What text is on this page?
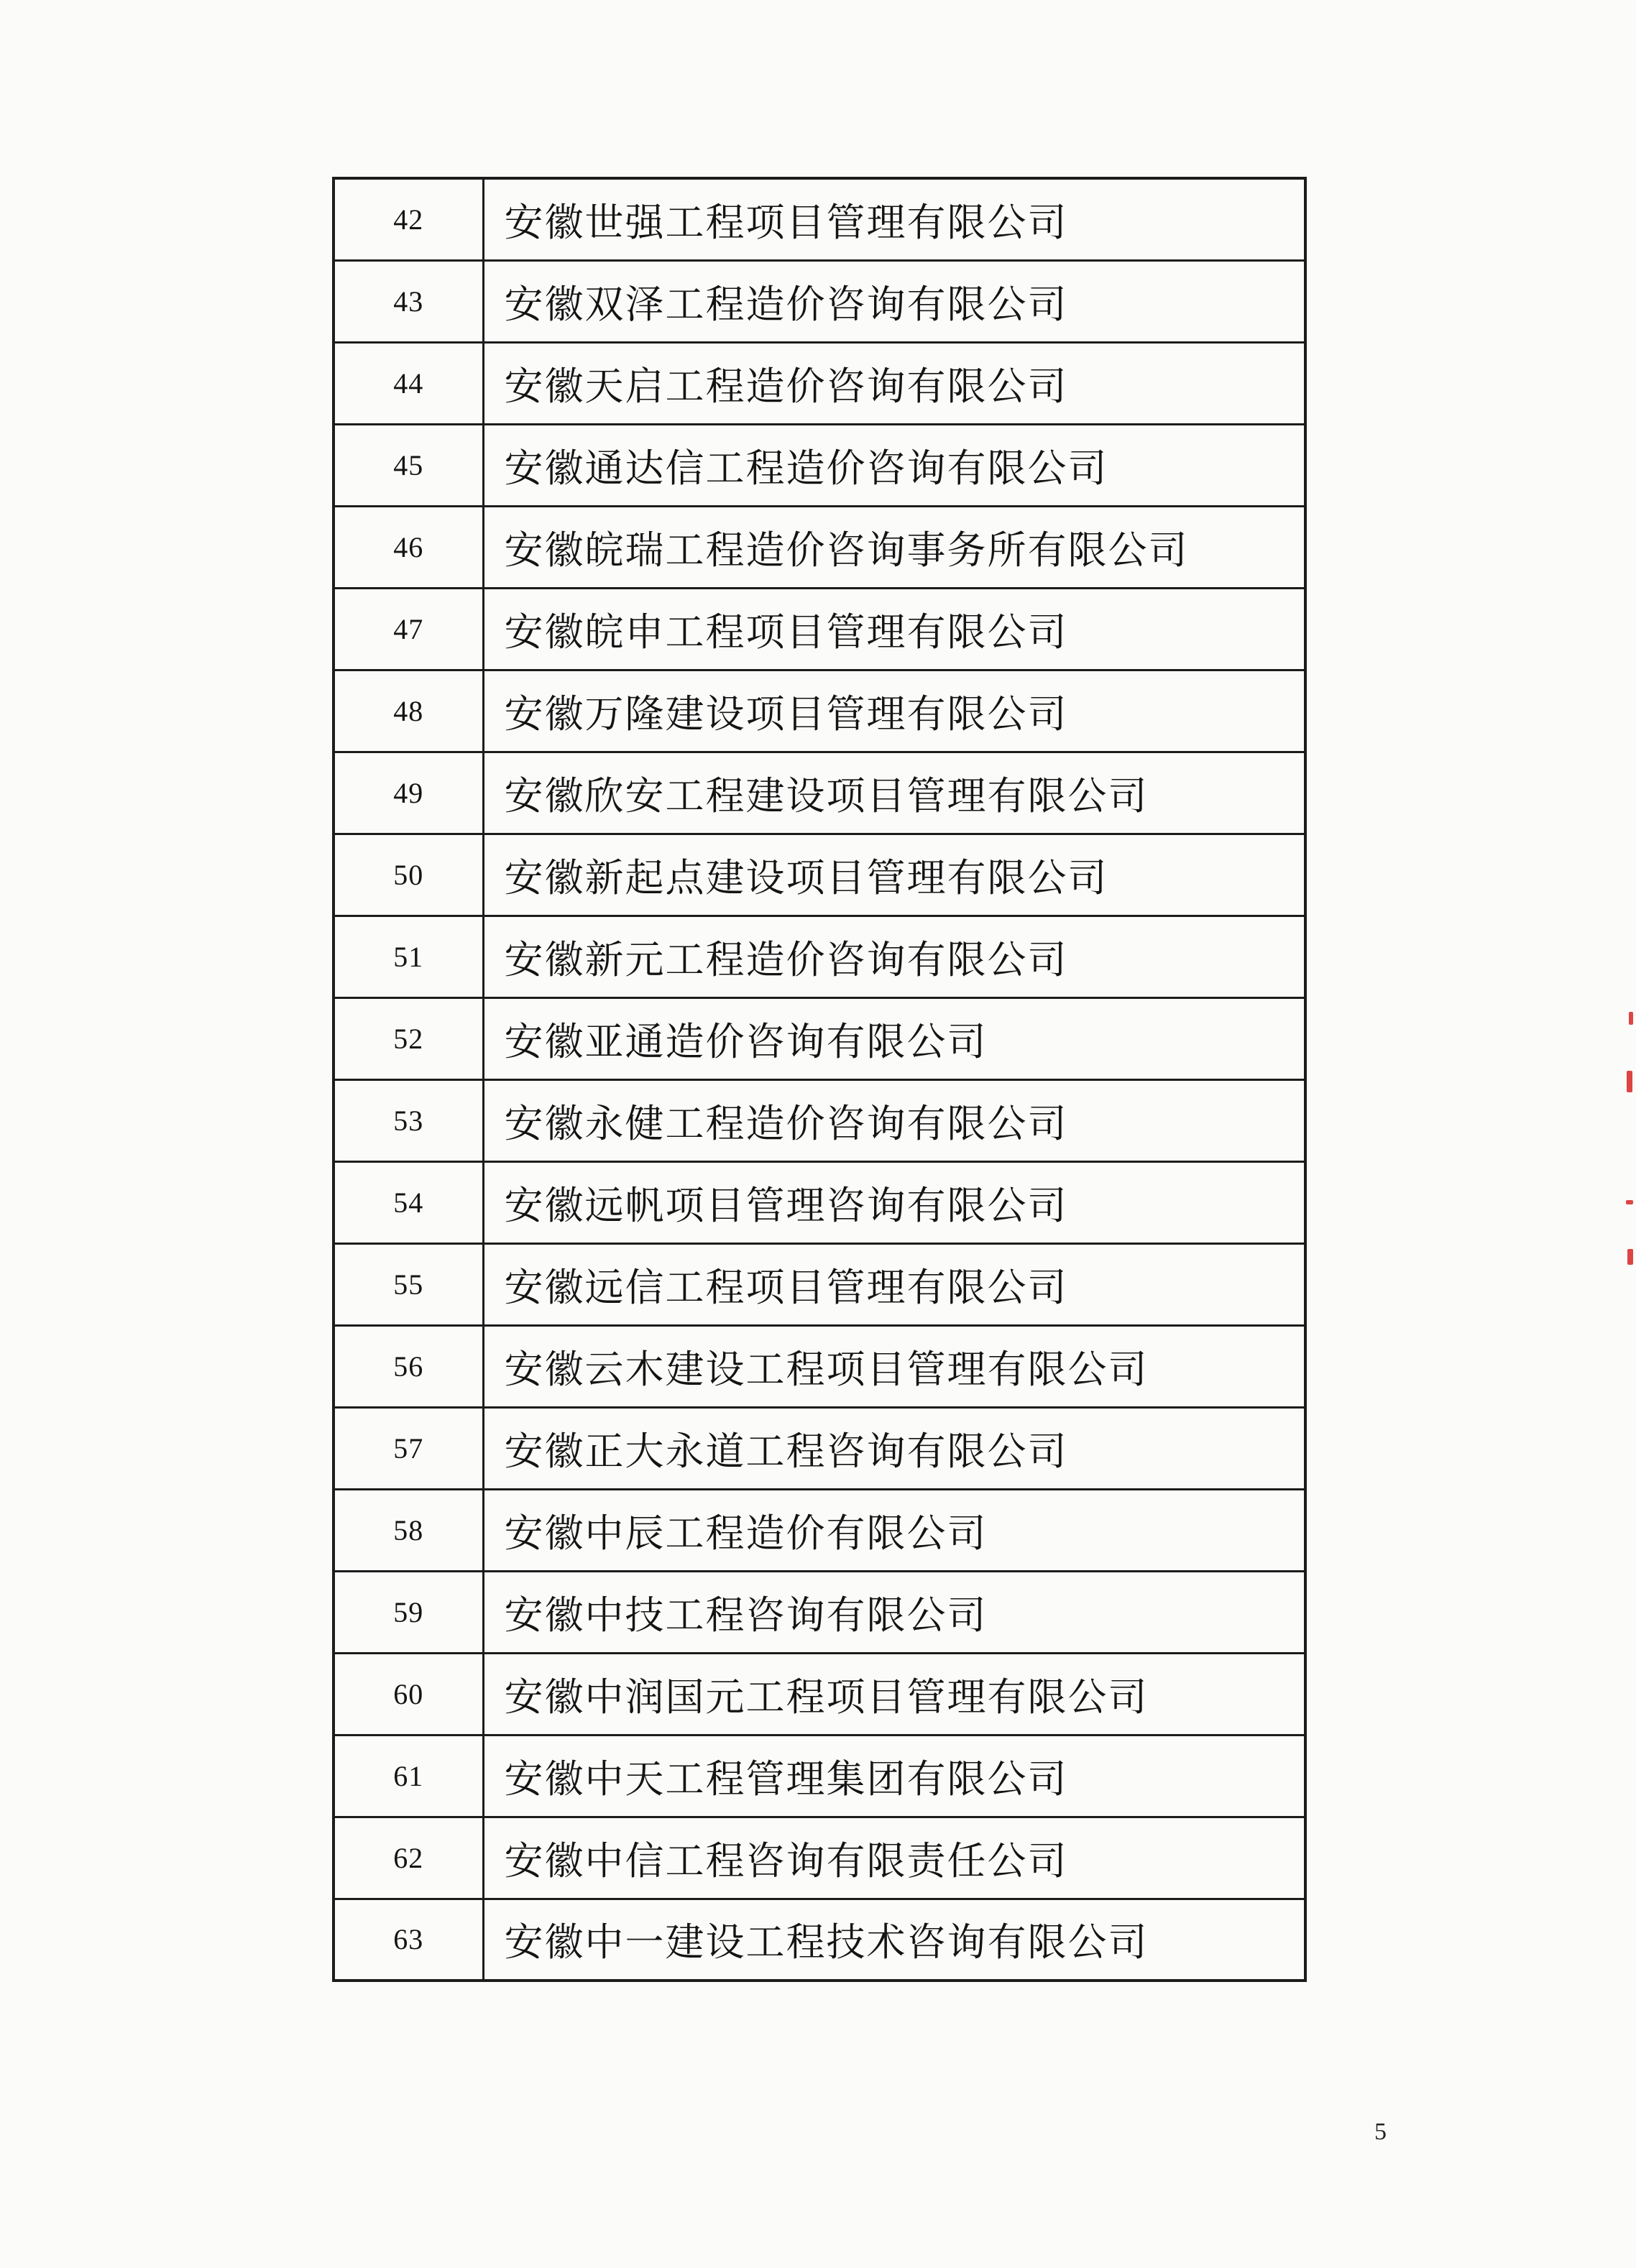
42	安徽世强工程项目管理有限公司
43	安徽双泽工程造价咨询有限公司
44	安徽天启工程造价咨询有限公司
45	安徽通达信工程造价咨询有限公司
46	安徽皖瑞工程造价咨询事务所有限公司
47	安徽皖申工程项目管理有限公司
48	安徽万隆建设项目管理有限公司
49	安徽欣安工程建设项目管理有限公司
50	安徽新起点建设项目管理有限公司
51	安徽新元工程造价咨询有限公司
52	安徽亚通造价咨询有限公司
53	安徽永健工程造价咨询有限公司
54	安徽远帆项目管理咨询有限公司
55	安徽远信工程项目管理有限公司
56	安徽云木建设工程项目管理有限公司
57	安徽正大永道工程咨询有限公司
58	安徽中辰工程造价有限公司
59	安徽中技工程咨询有限公司
60	安徽中润国元工程项目管理有限公司
61	安徽中天工程管理集团有限公司
62	安徽中信工程咨询有限责任公司
63	安徽中一建设工程技术咨询有限公司
5
